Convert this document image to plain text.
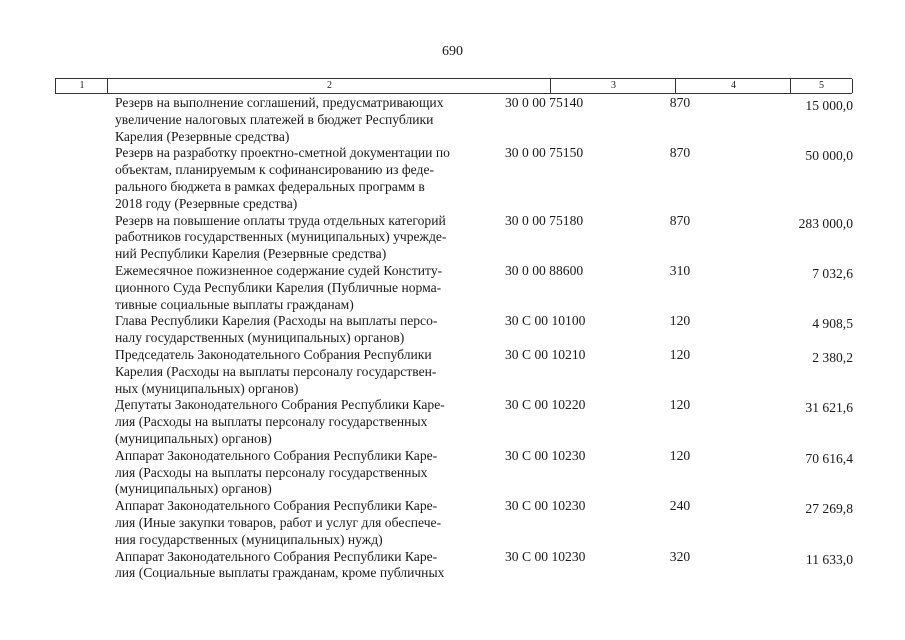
690
1	2	3	4	5
Резерв на выполнение соглашений, предусматривающих
увеличение налоговых платежей в бюджет Республики
Карелия (Резервные средства)
30 0 00 75140	870	15 000,0
Резерв на разработку проектно-сметной документации по
объектам, планируемым к софинансированию из феде-
рального бюджета в рамках федеральных программ в
2018 году (Резервные средства)
30 0 00 75150	870	50 000,0
Резерв на повышение оплаты труда отдельных категорий
работников государственных (муниципальных) учрежде-
ний Республики Карелия (Резервные средства)
30 0 00 75180	870	283 000,0
Ежемесячное пожизненное содержание судей Конститу-
ционного Суда Республики Карелия (Публичные норма-
тивные социальные выплаты гражданам)
30 0 00 88600	310	7 032,6
Глава Республики Карелия (Расходы на выплаты персо-
налу государственных (муниципальных) органов)
30 С 00 10100	120	4 908,5
Председатель Законодательного Собрания Республики
Карелия (Расходы на выплаты персоналу государствен-
ных (муниципальных) органов)
30 С 00 10210	120	2 380,2
Депутаты Законодательного Собрания Республики Каре-
лия (Расходы на выплаты персоналу государственных
(муниципальных) органов)
30 С 00 10220	120	31 621,6
Аппарат Законодательного Собрания Республики Каре-
лия (Расходы на выплаты персоналу государственных
(муниципальных) органов)
30 С 00 10230	120	70 616,4
Аппарат Законодательного Собрания Республики Каре-
лия (Иные закупки товаров, работ и услуг для обеспече-
ния государственных (муниципальных) нужд)
30 С 00 10230	240	27 269,8
Аппарат Законодательного Собрания Республики Каре-
лия (Социальные выплаты гражданам, кроме публичных
30 С 00 10230	320	11 633,0
